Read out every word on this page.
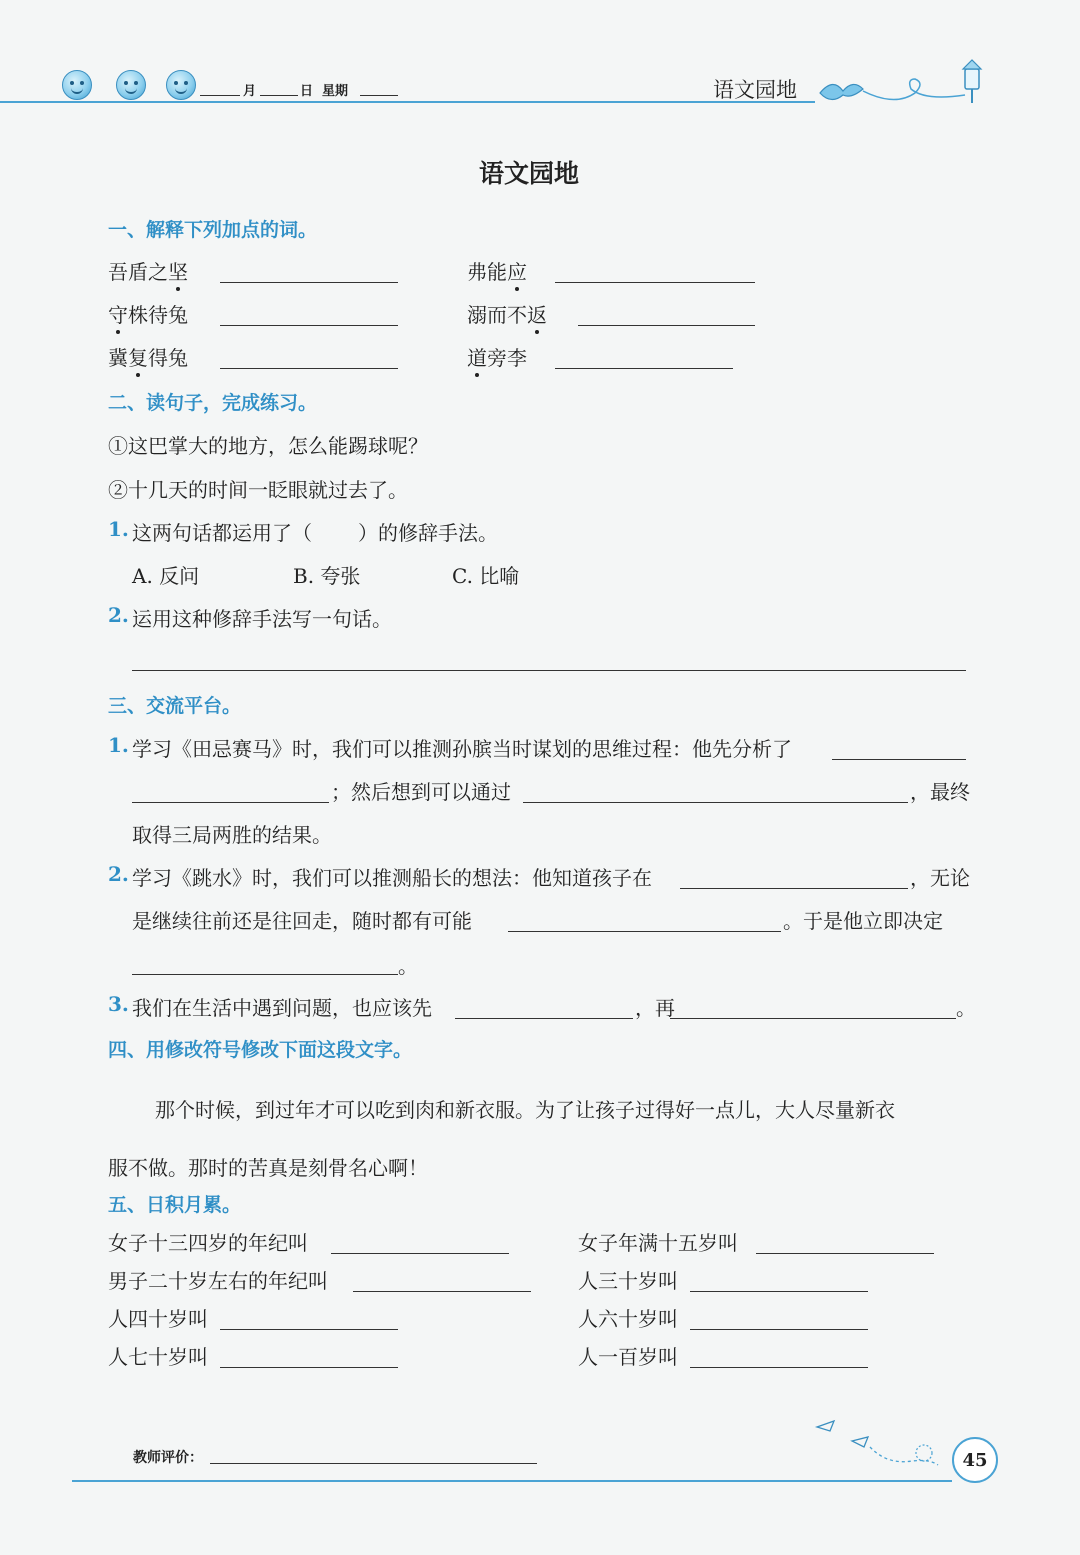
月	日 星期	语文园地
语文园地
一、解释下列加点的词。
吾盾之坚	弗能应
守株待兔	溺而不返
冀复得兔	道旁李
二、读句子，完成练习。
①这巴掌大的地方，怎么能踢球呢？
②十几天的时间一眨眼就过去了。
1. 这两句话都运用了（ ）的修辞手法。
A. 反问	B. 夸张	C. 比喻
2. 运用这种修辞手法写一句话。
三、交流平台。
1. 学习《田忌赛马》时，我们可以推测孙膑当时谋划的思维过程：他先分析了
；然后想到可以通过	，最终
取得三局两胜的结果。
2. 学习《跳水》时，我们可以推测船长的想法：他知道孩子在	，无论
是继续往前还是往回走，随时都有可能	。于是他立即决定
。
3. 我们在生活中遇到问题，也应该先	，再	。
四、用修改符号修改下面这段文字。
那个时候，到过年才可以吃到肉和新衣服。为了让孩子过得好一点儿，大人尽量新衣
服不做。那时的苦真是刻骨名心啊！
五、日积月累。
女子十三四岁的年纪叫	女子年满十五岁叫
男子二十岁左右的年纪叫	人三十岁叫
人四十岁叫	人六十岁叫
人七十岁叫	人一百岁叫
教师评价：	45
